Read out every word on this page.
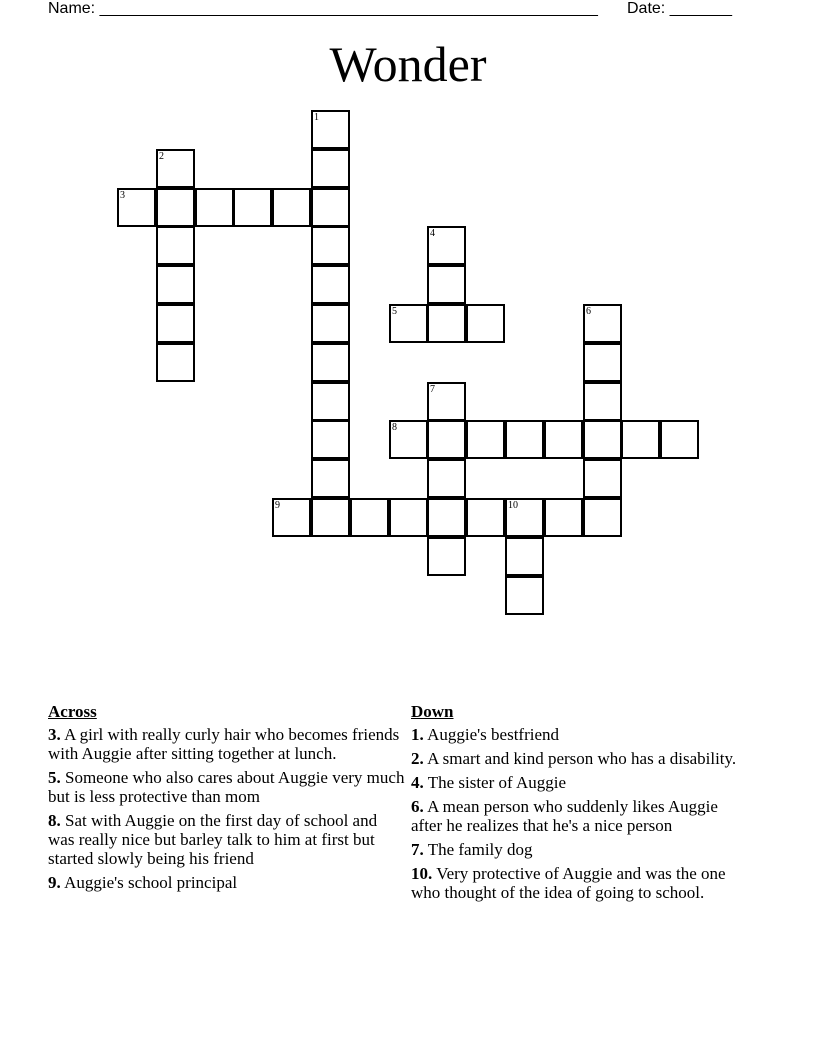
Name: ________________________________________________________ Date: _______
Wonder
1
2
3
4
5	6
7
8
9	10
Across
3. A girl with really curly hair who becomes friends with Auggie after sitting together at lunch.
5. Someone who also cares about Auggie very much but is less protective than mom
8. Sat with Auggie on the first day of school and was really nice but barley talk to him at first but started slowly being his friend
9. Auggie's school principal
Down
1. Auggie's bestfriend
2. A smart and kind person who has a disability.
4. The sister of Auggie
6. A mean person who suddenly likes Auggie after he realizes that he's a nice person
7. The family dog
10. Very protective of Auggie and was the one who thought of the idea of going to school.
